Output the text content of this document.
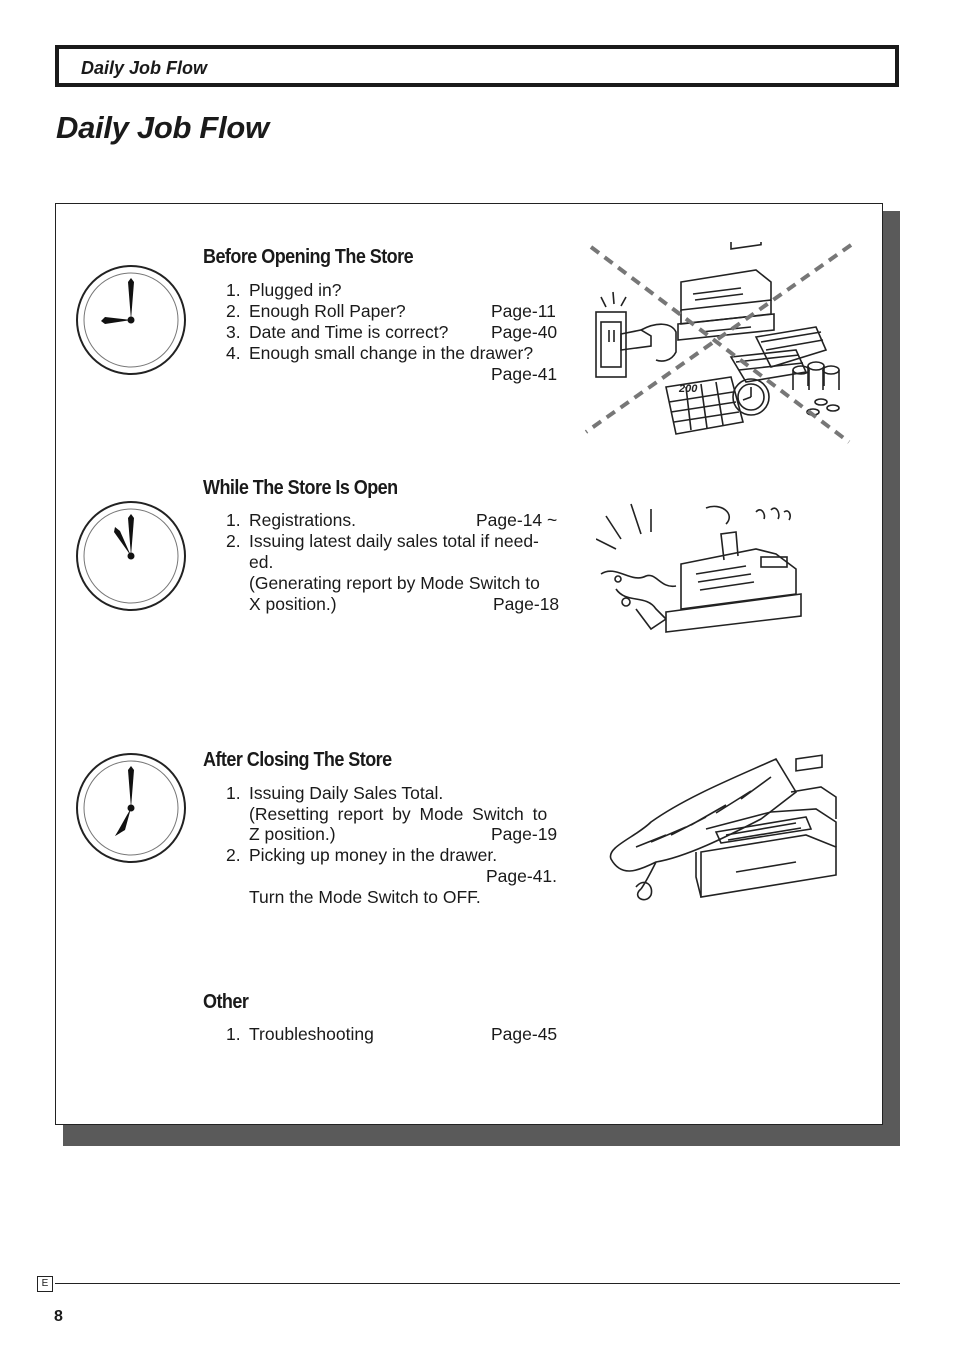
Daily Job Flow
Daily Job Flow
Before Opening The Store
1. Plugged in?
2. Enough Roll Paper?	Page-11
3. Date and Time is correct? Page-40
4. Enough small change in the drawer?
Page-41
200
While The Store Is Open
1. Registrations.	Page-14 ~
2. Issuing latest daily sales total if need-
ed.
(Generating report by Mode Switch to
X position.)	Page-18
After Closing The Store
1. Issuing Daily Sales Total.
(Resetting report by Mode Switch to
Z position.)	Page-19
2. Picking up money in the drawer.
Page-41.
Turn the Mode Switch to OFF.
Other
1. Troubleshooting	Page-45
E
8
